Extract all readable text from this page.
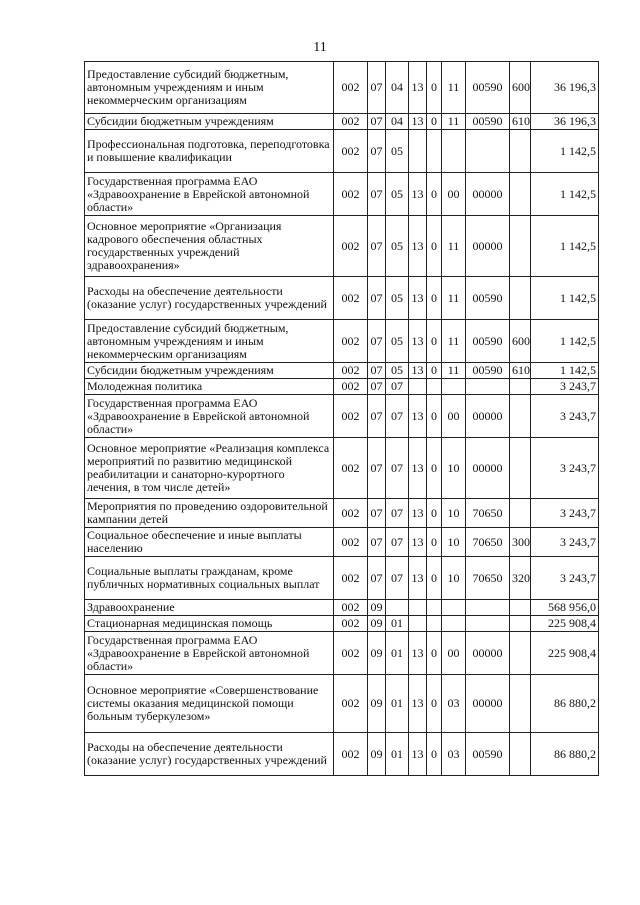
11
Предоставление субсидий бюджетным, автономным учреждениям и иным некоммерческим организациям	002	07	04	13	0	11	00590	600	36 196,3
Субсидии бюджетным учреждениям	002	07	04	13	0	11	00590	610	36 196,3
Профессиональная подготовка, переподготовка и повышение квалификации	002	07	05						1 142,5
Государственная программа ЕАО «Здравоохранение в Еврейской автономной области»	002	07	05	13	0	00	00000		1 142,5
Основное мероприятие «Организация кадрового обеспечения областных государственных учреждений здравоохранения»	002	07	05	13	0	11	00000		1 142,5
Расходы на обеспечение деятельности (оказание услуг) государственных учреждений	002	07	05	13	0	11	00590		1 142,5
Предоставление субсидий бюджетным, автономным учреждениям и иным некоммерческим организациям	002	07	05	13	0	11	00590	600	1 142,5
Субсидии бюджетным учреждениям	002	07	05	13	0	11	00590	610	1 142,5
Молодежная политика	002	07	07						3 243,7
Государственная программа ЕАО «Здравоохранение в Еврейской автономной области»	002	07	07	13	0	00	00000		3 243,7
Основное мероприятие «Реализация комплекса мероприятий по развитию медицинской реабилитации и санаторно-курортного лечения, в том числе детей»	002	07	07	13	0	10	00000		3 243,7
Мероприятия по проведению оздоровительной кампании детей	002	07	07	13	0	10	70650		3 243,7
Социальное обеспечение и иные выплаты населению	002	07	07	13	0	10	70650	300	3 243,7
Социальные выплаты гражданам, кроме публичных нормативных социальных выплат	002	07	07	13	0	10	70650	320	3 243,7
Здравоохранение	002	09							568 956,0
Стационарная медицинская помощь	002	09	01						225 908,4
Государственная программа ЕАО «Здравоохранение в Еврейской автономной области»	002	09	01	13	0	00	00000		225 908,4
Основное мероприятие «Совершенствование системы оказания медицинской помощи больным туберкулезом»	002	09	01	13	0	03	00000		86 880,2
Расходы на обеспечение деятельности (оказание услуг) государственных учреждений	002	09	01	13	0	03	00590		86 880,2
